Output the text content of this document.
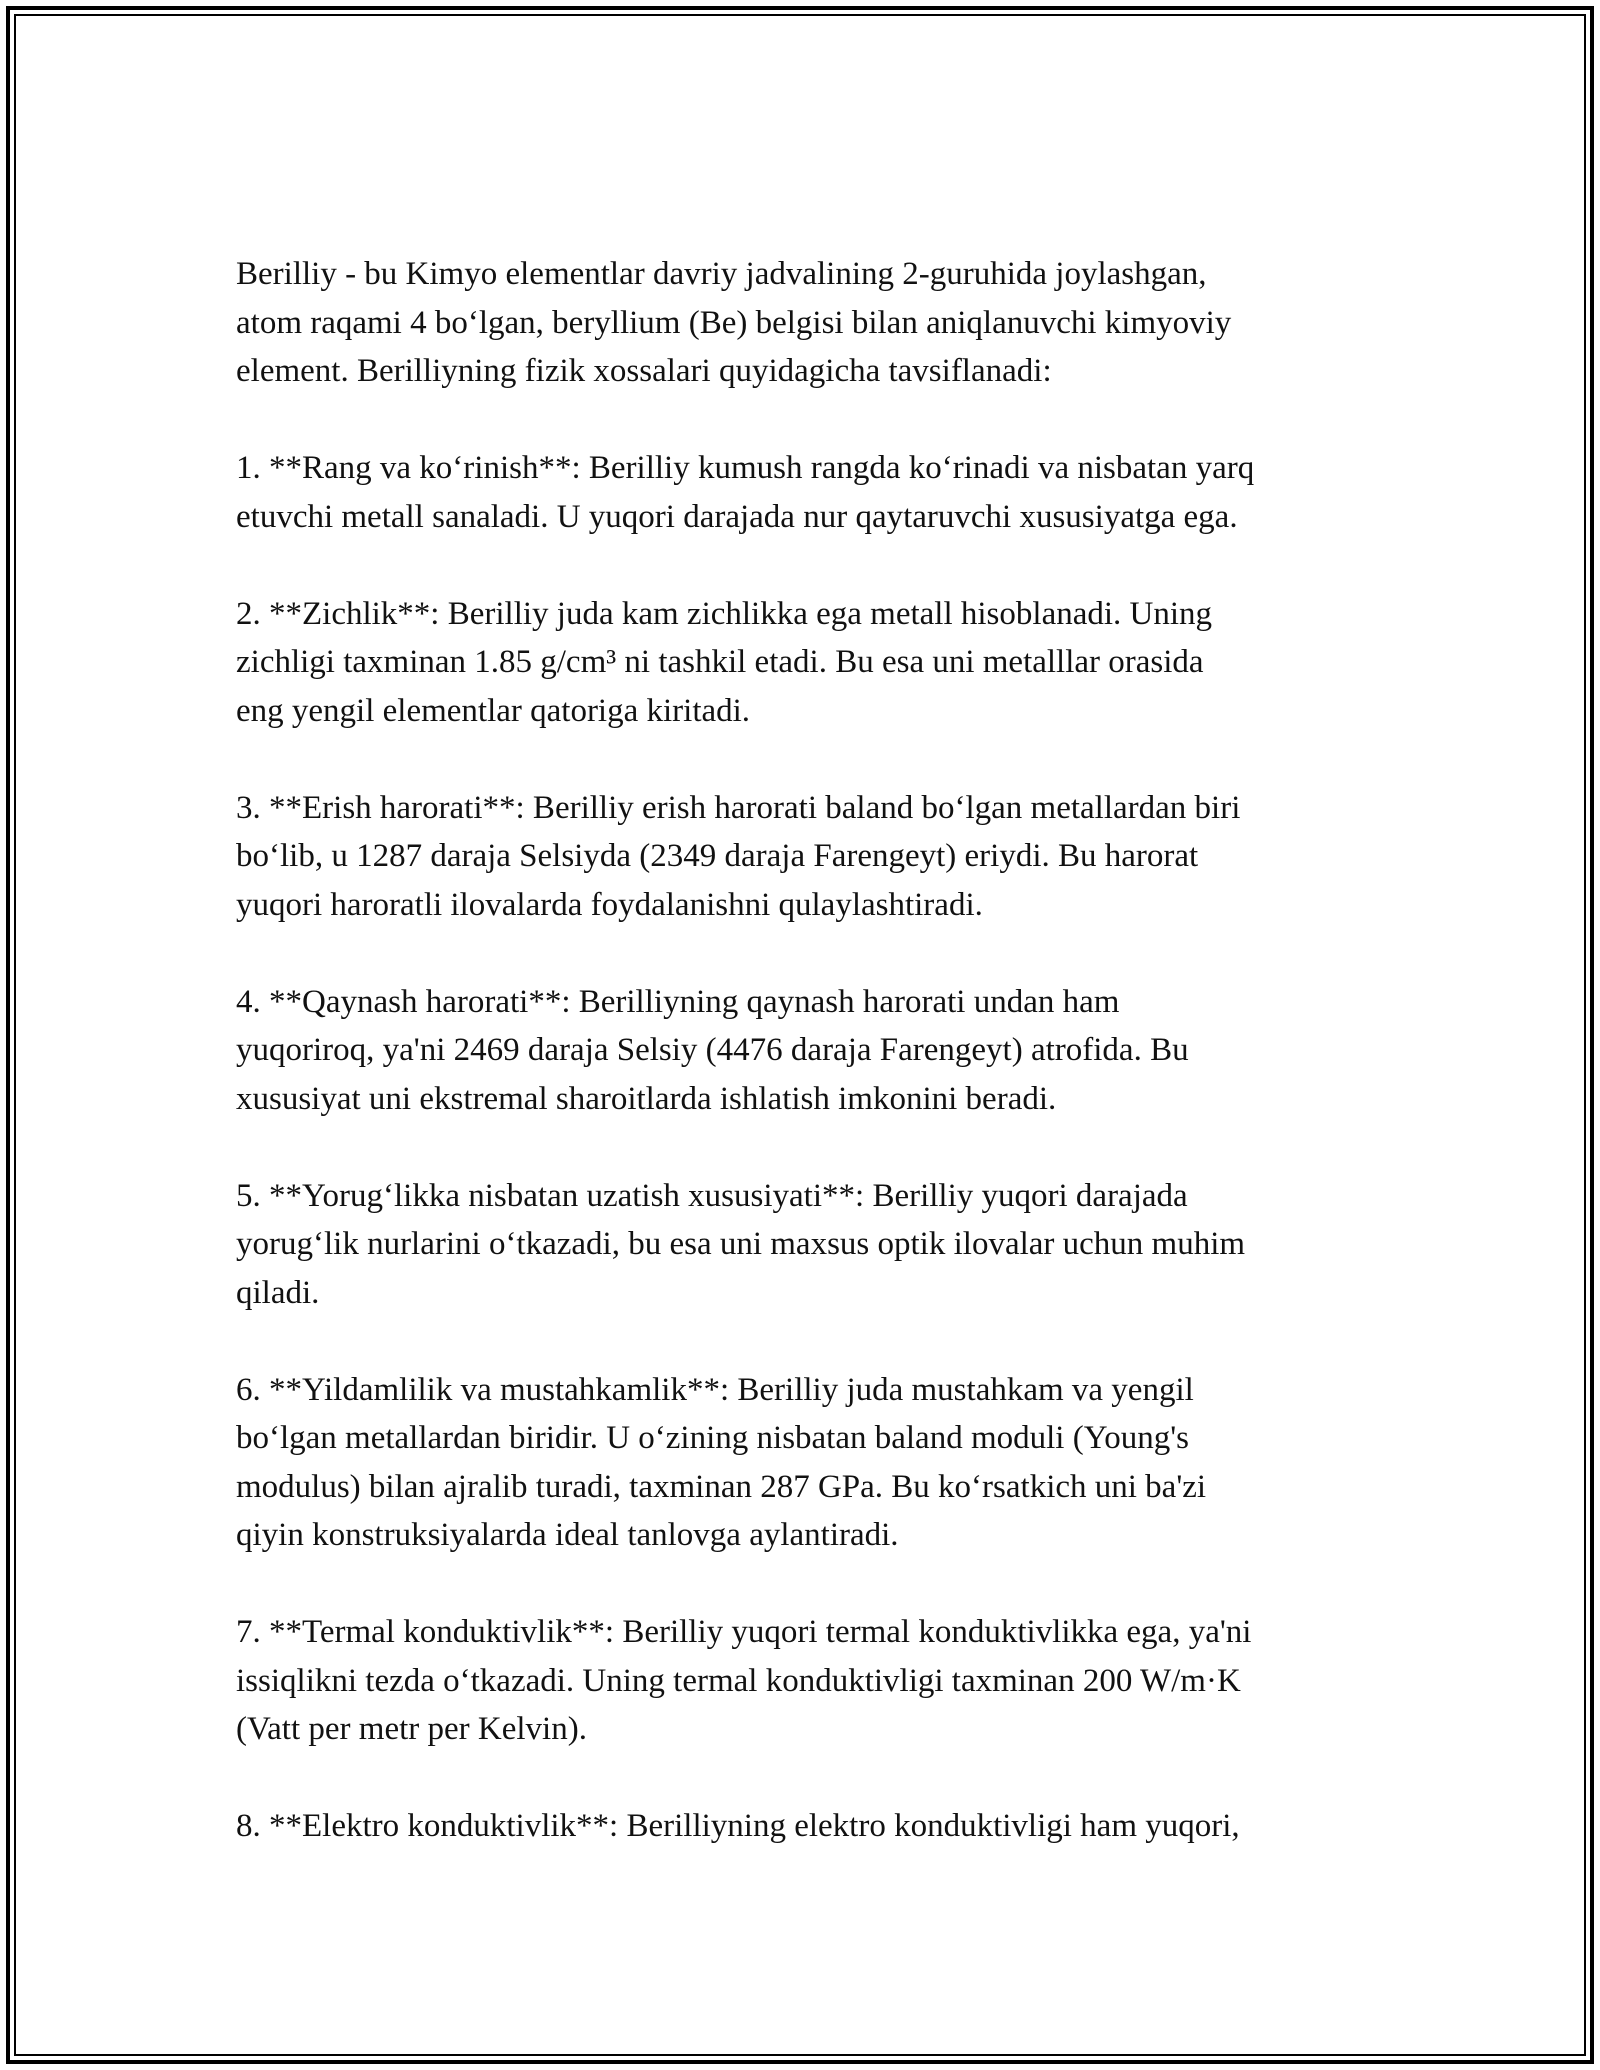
Berilliy - bu Kimyo elementlar davriy jadvalining 2-guruhida joylashgan,
atom raqami 4 bo‘lgan, beryllium (Be) belgisi bilan aniqlanuvchi kimyoviy
element. Berilliyning fizik xossalari quyidagicha tavsiflanadi:

1. **Rang va ko‘rinish**: Berilliy kumush rangda ko‘rinadi va nisbatan yarq
etuvchi metall sanaladi. U yuqori darajada nur qaytaruvchi xususiyatga ega.

2. **Zichlik**: Berilliy juda kam zichlikka ega metall hisoblanadi. Uning
zichligi taxminan 1.85 g/cm³ ni tashkil etadi. Bu esa uni metalllar orasida
eng yengil elementlar qatoriga kiritadi.

3. **Erish harorati**: Berilliy erish harorati baland bo‘lgan metallardan biri
bo‘lib, u 1287 daraja Selsiyda (2349 daraja Farengeyt) eriydi. Bu harorat
yuqori haroratli ilovalarda foydalanishni qulaylashtiradi.

4. **Qaynash harorati**: Berilliyning qaynash harorati undan ham
yuqoriroq, ya'ni 2469 daraja Selsiy (4476 daraja Farengeyt) atrofida. Bu
xususiyat uni ekstremal sharoitlarda ishlatish imkonini beradi.

5. **Yorug‘likka nisbatan uzatish xususiyati**: Berilliy yuqori darajada
yorug‘lik nurlarini o‘tkazadi, bu esa uni maxsus optik ilovalar uchun muhim
qiladi.

6. **Yildamlilik va mustahkamlik**: Berilliy juda mustahkam va yengil
bo‘lgan metallardan biridir. U o‘zining nisbatan baland moduli (Young's
modulus) bilan ajralib turadi, taxminan 287 GPa. Bu ko‘rsatkich uni ba'zi
qiyin konstruksiyalarda ideal tanlovga aylantiradi.

7. **Termal konduktivlik**: Berilliy yuqori termal konduktivlikka ega, ya'ni
issiqlikni tezda o‘tkazadi. Uning termal konduktivligi taxminan 200 W/m·K
(Vatt per metr per Kelvin).

8. **Elektro konduktivlik**: Berilliyning elektro konduktivligi ham yuqori,
